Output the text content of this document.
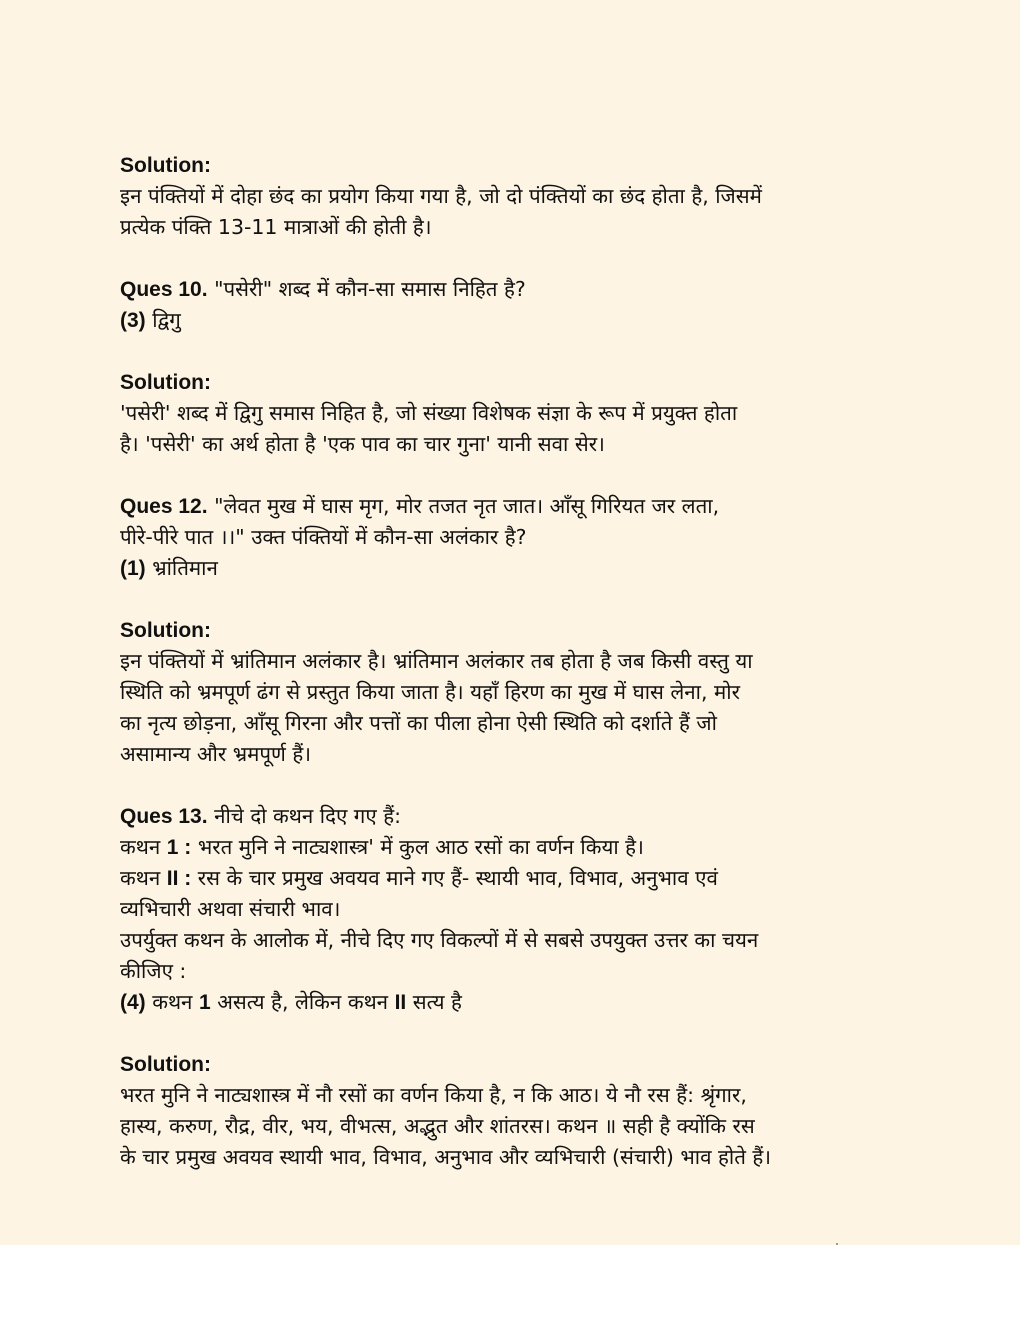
Solution:
इन पंक्तियों में दोहा छंद का प्रयोग किया गया है, जो दो पंक्तियों का छंद होता है, जिसमें
प्रत्येक पंक्ति 13-11 मात्राओं की होती है।
Ques 10. "पसेरी" शब्द में कौन-सा समास निहित है?
(3) द्विगु
Solution:
'पसेरी' शब्द में द्विगु समास निहित है, जो संख्या विशेषक संज्ञा के रूप में प्रयुक्त होता
है। 'पसेरी' का अर्थ होता है 'एक पाव का चार गुना' यानी सवा सेर।
Ques 12. "लेवत मुख में घास मृग, मोर तजत नृत जात। आँसू गिरियत जर लता,
पीरे-पीरे पात ।।" उक्त पंक्तियों में कौन-सा अलंकार है?
(1) भ्रांतिमान
Solution:
इन पंक्तियों में भ्रांतिमान अलंकार है। भ्रांतिमान अलंकार तब होता है जब किसी वस्तु या
स्थिति को भ्रमपूर्ण ढंग से प्रस्तुत किया जाता है। यहाँ हिरण का मुख में घास लेना, मोर
का नृत्य छोड़ना, आँसू गिरना और पत्तों का पीला होना ऐसी स्थिति को दर्शाते हैं जो
असामान्य और भ्रमपूर्ण हैं।
Ques 13. नीचे दो कथन दिए गए हैं:
कथन 1 : भरत मुनि ने नाट्यशास्त्र' में कुल आठ रसों का वर्णन किया है।
कथन II : रस के चार प्रमुख अवयव माने गए हैं- स्थायी भाव, विभाव, अनुभाव एवं
व्यभिचारी अथवा संचारी भाव।
उपर्युक्त कथन के आलोक में, नीचे दिए गए विकल्पों में से सबसे उपयुक्त उत्तर का चयन
कीजिए :
(4) कथन 1 असत्य है, लेकिन कथन II सत्य है
Solution:
भरत मुनि ने नाट्यशास्त्र में नौ रसों का वर्णन किया है, न कि आठ। ये नौ रस हैं: श्रृंगार,
हास्य, करुण, रौद्र, वीर, भय, वीभत्स, अद्भुत और शांतरस। कथन ॥ सही है क्योंकि रस
के चार प्रमुख अवयव स्थायी भाव, विभाव, अनुभाव और व्यभिचारी (संचारी) भाव होते हैं।
